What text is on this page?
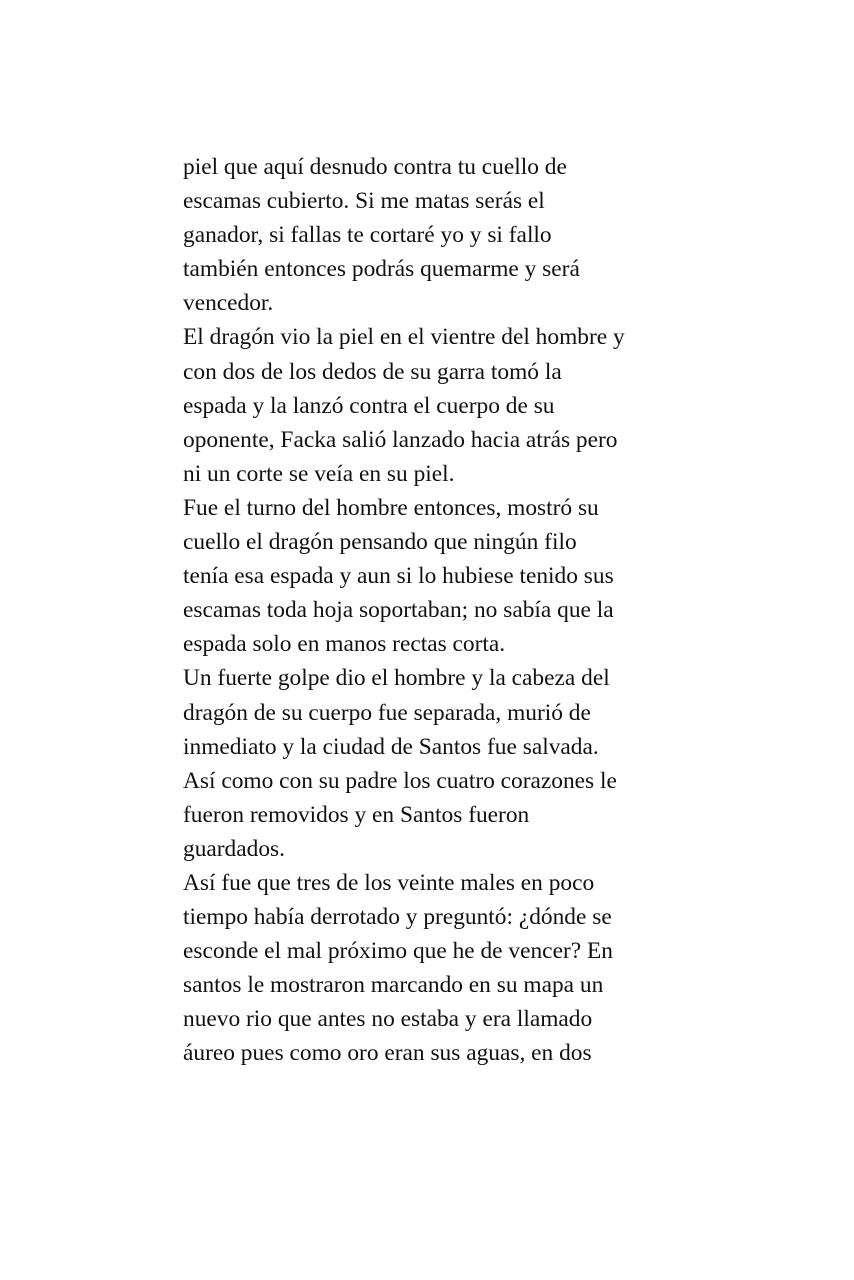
piel que aquí desnudo contra tu cuello de
escamas cubierto. Si me matas serás el
ganador, si fallas te cortaré yo y si fallo
también entonces podrás quemarme y será
vencedor.
El dragón vio la piel en el vientre del hombre y
con dos de los dedos de su garra tomó la
espada y la lanzó contra el cuerpo de su
oponente, Facka salió lanzado hacia atrás pero
ni un corte se veía en su piel.
Fue el turno del hombre entonces, mostró su
cuello el dragón pensando que ningún filo
tenía esa espada y aun si lo hubiese tenido sus
escamas toda hoja soportaban; no sabía que la
espada solo en manos rectas corta.
Un fuerte golpe dio el hombre y la cabeza del
dragón de su cuerpo fue separada, murió de
inmediato y la ciudad de Santos fue salvada.
Así como con su padre los cuatro corazones le
fueron removidos y en Santos fueron
guardados.
Así fue que tres de los veinte males en poco
tiempo había derrotado y preguntó: ¿dónde se
esconde el mal próximo que he de vencer? En
santos le mostraron marcando en su mapa un
nuevo rio que antes no estaba y era llamado
áureo pues como oro eran sus aguas, en dos
